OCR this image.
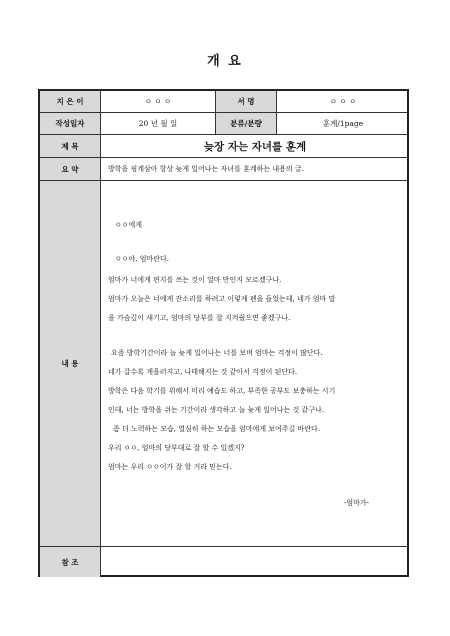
개 요
지 은 이	ㅇ ㅇ ㅇ	서 명	ㅇ ㅇ ㅇ
작성일자	20 년 월 일	분류/분량	훈계/1page
제 목	늦장 자는 자녀를 훈계
요 약	방학을 핑계삼아 항상 늦게 일어나는 자녀를 훈계하는 내용의 글.
내 용
ㅇㅇ에게
ㅇㅇ야, 엄마란다.
엄마가 너에게 편지를 쓰는 것이 얼마 만인지 모르겠구나.
엄마가 오늘은 너에게 잔소리를 하려고 이렇게 펜을 들었는데, 네가 엄마 말
을 가슴깊이 새기고, 엄마의 당부를 잘 지켜줬으면 좋겠구나.
요즘 방학기간이라 늘 늦게 일어나는 너를 보며 엄마는 걱정이 많단다.
네가 갈수록 게을러지고, 나태해지는 것 같아서 걱정이 된단다.
방학은 다음 학기를 위해서 미리 예습도 하고, 부족한 공부도 보충하는 시기
인데, 너는 방학을 쉬는 기간이라 생각하고 늘 늦게 일어나는 것 같구나.
좀 더 노력하는 모습, 열심히 하는 모습을 엄마에게 보여주길 바란다.
우리 ㅇㅇ, 엄마의 당부대로 잘 할 수 있겠지?
엄마는 우리 ㅇㅇ이가 잘 할 거라 믿는다.
-엄마가-
참 조
